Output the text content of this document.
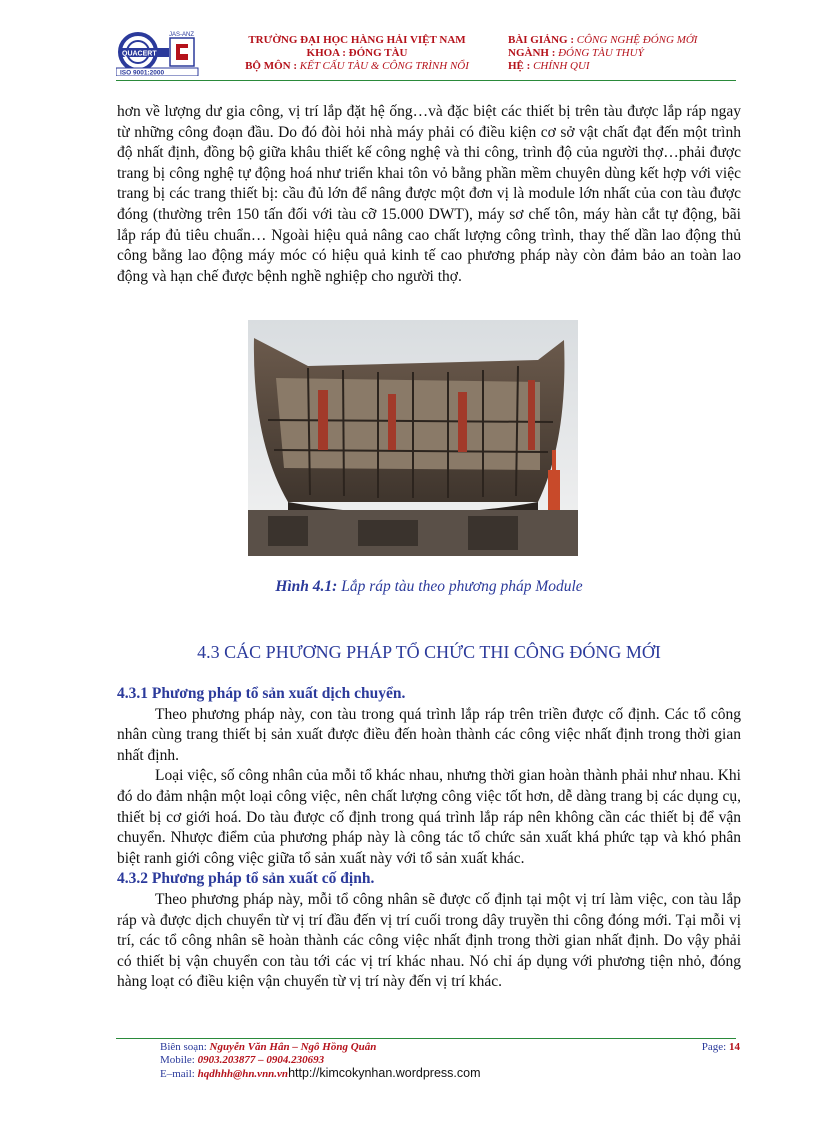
QUACERT
JAS-ANZ
ISO 9001:2000
TRƯỜNG ĐẠI HỌC HÀNG HẢI VIỆT NAM
KHOA : ĐÓNG TÀU
BỘ MÔN : KẾT CẤU TÀU & CÔNG TRÌNH NỔI
BÀI GIẢNG : CÔNG NGHỆ ĐÓNG MỚI
NGÀNH : ĐÓNG TÀU THUỶ
HỆ : CHÍNH QUI

hơn về lượng dư gia công, vị trí lắp đặt hệ ống…và đặc biệt các thiết bị trên tàu được lắp ráp ngay từ những công đoạn đầu. Do đó đòi hỏi nhà máy phải có điều kiện cơ sở vật chất đạt đến một trình độ nhất định, đồng bộ giữa khâu thiết kế công nghệ và thi công, trình độ của người thợ…phải được trang bị công nghệ tự động hoá như triển khai tôn vỏ bằng phần mềm chuyên dùng kết hợp với việc trang bị các trang thiết bị: cầu đủ lớn để nâng được một đơn vị là module lớn nhất của con tàu được đóng (thường trên 150 tấn đối với tàu cỡ 15.000 DWT), máy sơ chế tôn, máy hàn cắt tự động, bãi lắp ráp đủ tiêu chuẩn… Ngoài hiệu quả nâng cao chất lượng công trình, thay thế dần lao động thủ công bằng lao động máy móc có hiệu quả kinh tế cao phương pháp này còn đảm bảo an toàn lao động và hạn chế được bệnh nghề nghiệp cho người thợ.

Hình 4.1: Lắp ráp tàu theo phương pháp Module
4.3 CÁC PHƯƠNG PHÁP TỔ CHỨC THI CÔNG ĐÓNG MỚI

4.3.1 Phương pháp tổ sản xuất dịch chuyển.

Theo phương pháp này, con tàu trong quá trình lắp ráp trên triền được cố định. Các tổ công nhân cùng trang thiết bị sản xuất được điều đến hoàn thành các công việc nhất định trong thời gian nhất định.

Loại việc, số công nhân của mỗi tổ khác nhau, nhưng thời gian hoàn thành phải như nhau. Khi đó do đảm nhận một loại công việc, nên chất lượng công việc tốt hơn, dễ dàng trang bị các dụng cụ, thiết bị cơ giới hoá. Do tàu được cố định trong quá trình lắp ráp nên không cần các thiết bị để vận chuyển. Nhược điểm của phương pháp này là công tác tổ chức sản xuất khá phức tạp và khó phân biệt ranh giới công việc giữa tổ sản xuất này với tổ sản xuất khác.

4.3.2 Phương pháp tổ sản xuất cố định.

Theo phương pháp này, mỗi tổ công nhân sẽ được cố định tại một vị trí làm việc, con tàu lắp ráp và được dịch chuyển từ vị trí đầu đến vị trí cuối trong dây truyền thi công đóng mới. Tại mỗi vị trí, các tổ công nhân sẽ hoàn thành các công việc nhất định trong thời gian nhất định. Do vậy phải có thiết bị vận chuyển con tàu tới các vị trí khác nhau. Nó chỉ áp dụng với phương tiện nhỏ, đóng hàng loạt có điều kiện vận chuyển từ vị trí này đến vị trí khác.

Biên soạn: Nguyễn Văn Hân – Ngô Hồng Quân
Mobile: 0903.203877 – 0904.230693
E–mail: hqdhhh@hn.vnn.vnhttp://kimcokynhan.wordpress.com
Page: 14
